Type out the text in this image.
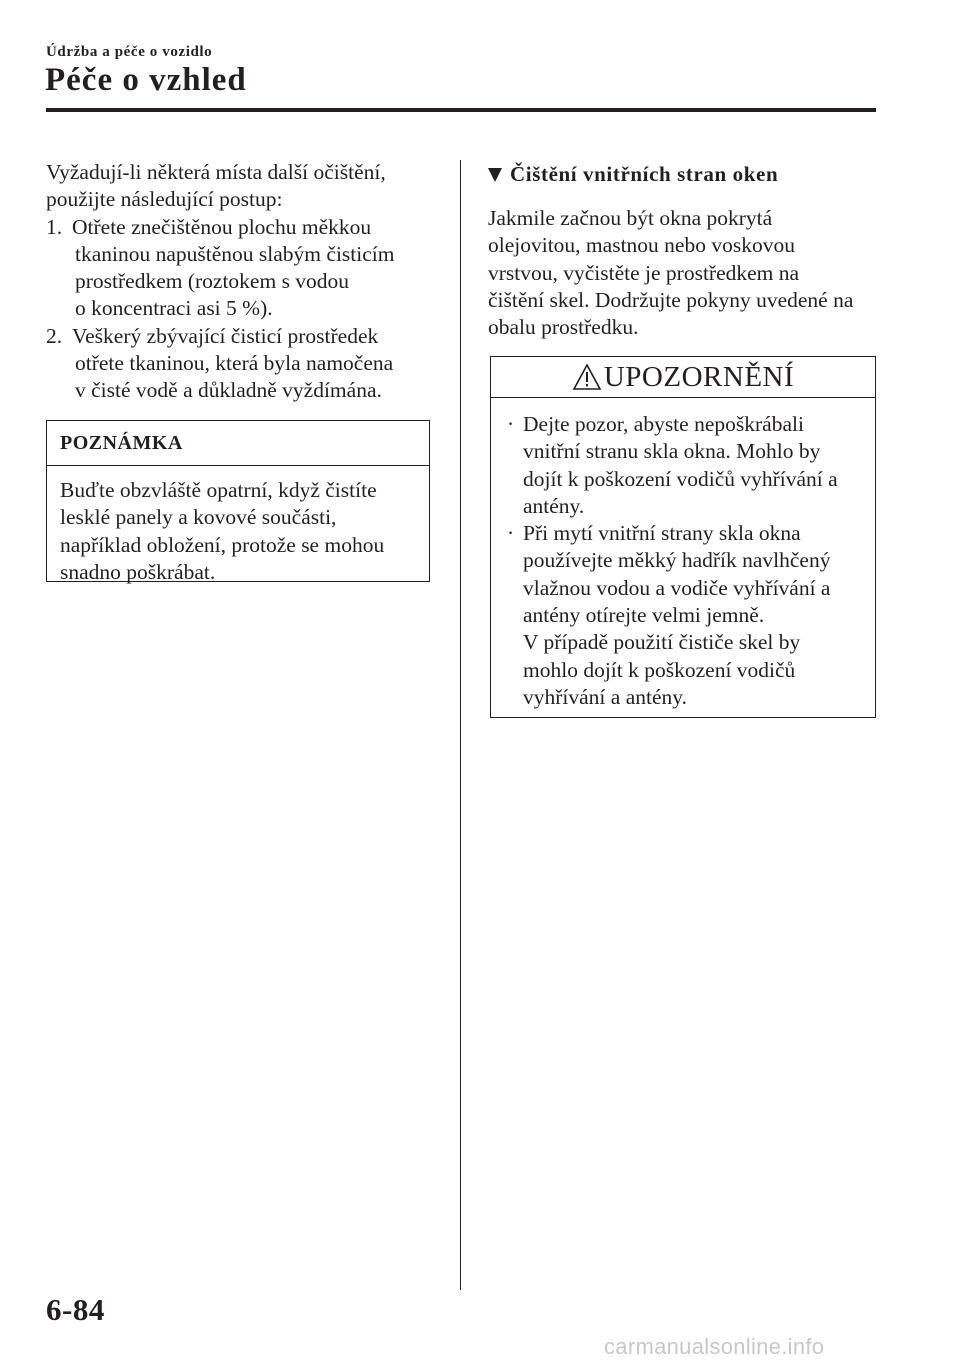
Údržba a péče o vozidlo
Péče o vzhled

Vyžadují-li některá místa další očištění,
použijte následující postup:

1. Otřete znečištěnou plochu měkkou
tkaninou napuštěnou slabým čisticím
prostředkem (roztokem s vodou
o koncentraci asi 5 %).
2. Veškerý zbývající čisticí prostředek
otřete tkaninou, která byla namočena
v čisté vodě a důkladně vyždímána.
POZNÁMKA
Buďte obzvláště opatrní, když čistíte
lesklé panely a kovové součásti,
například obložení, protože se mohou
snadno poškrábat.
Čištění vnitřních stran oken
Jakmile začnou být okna pokrytá
olejovitou, mastnou nebo voskovou
vrstvou, vyčistěte je prostředkem na
čištění skel. Dodržujte pokyny uvedené na
obalu prostředku.
UPOZORNĚNÍ
· Dejte pozor, abyste nepoškrábali
vnitřní stranu skla okna. Mohlo by
dojít k poškození vodičů vyhřívání a
antény.
· Při mytí vnitřní strany skla okna
používejte měkký hadřík navlhčený
vlažnou vodou a vodiče vyhřívání a
antény otírejte velmi jemně.
V případě použití čističe skel by
mohlo dojít k poškození vodičů
vyhřívání a antény.
6-84
carmanualsonline.info
